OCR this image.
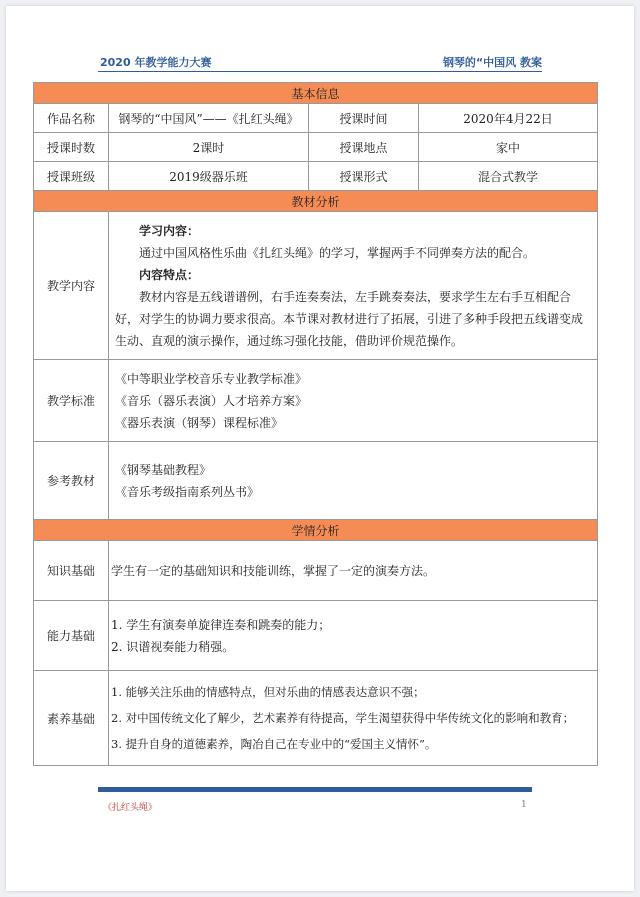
2020 年教学能力大赛	钢琴的“中国风 教案
基本信息			
作品名称	钢琴的“中国风”——《扎红头绳》	授课时间	2020年4月22日
授课时数	2课时	授课地点	家中
授课班级	2019级器乐班	授课形式	混合式教学
教材分析			
教学内容	学习内容：
通过中国风格性乐曲《扎红头绳》的学习，掌握两手不同弹奏方法的配合。
内容特点：
教材内容是五线谱谱例，右手连奏奏法，左手跳奏奏法，要求学生左右手互相配合好，对学生的协调力要求很高。本节课对教材进行了拓展，引进了多种手段把五线谱变成生动、直观的演示操作，通过练习强化技能，借助评价规范操作。		

教学标准	《中等职业学校音乐专业教学标准》
《音乐（器乐表演）人才培养方案》
《器乐表演（钢琴）课程标准》		

参考教材	《钢琴基础教程》
《音乐考级指南系列丛书》		

学情分析			
知识基础	学生有一定的基础知识和技能训练，掌握了一定的演奏方法。		
能力基础	1. 学生有演奏单旋律连奏和跳奏的能力；
2. 识谱视奏能力稍强。		

素养基础	1. 能够关注乐曲的情感特点，但对乐曲的情感表达意识不强；
2. 对中国传统文化了解少，艺术素养有待提高，学生渴望获得中华传统文化的影响和教育；
3. 提升自身的道德素养，陶冶自己在专业中的“爱国主义情怀”。		
《扎红头绳》	1
